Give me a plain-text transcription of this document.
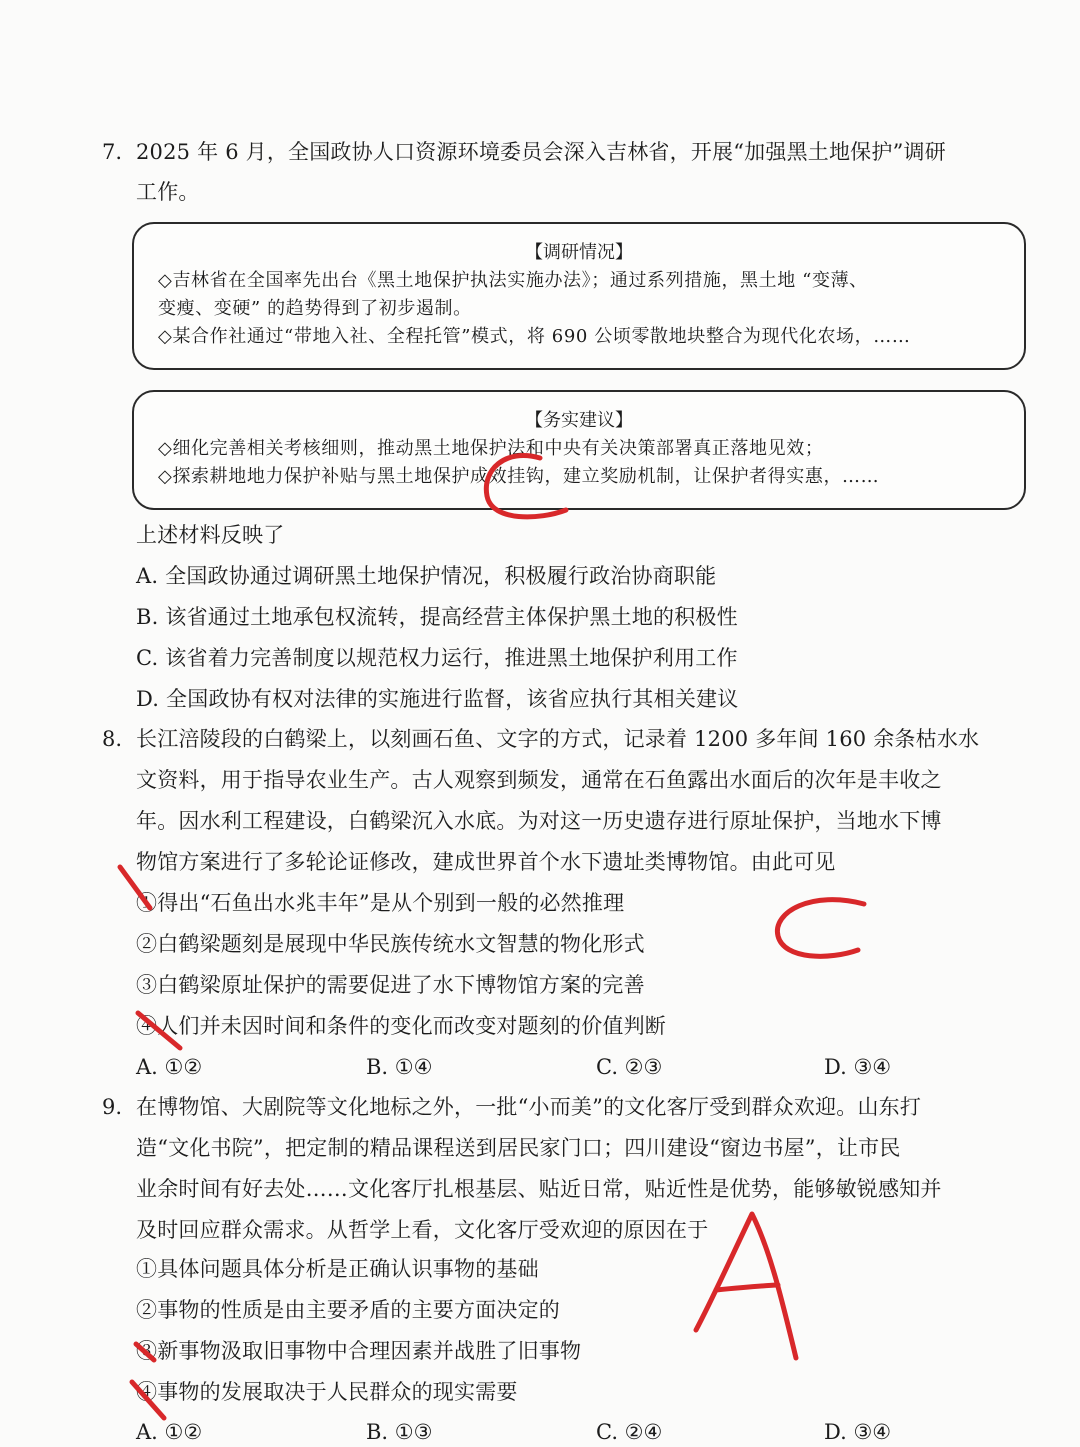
7. 2025 年 6 月，全国政协人口资源环境委员会深入吉林省，开展“加强黑土地保护”调研
工作。
【调研情况】
◇吉林省在全国率先出台《黑土地保护执法实施办法》；通过系列措施，黑土地 “变薄、
变瘦、变硬” 的趋势得到了初步遏制。
◇某合作社通过“带地入社、全程托管”模式，将 690 公顷零散地块整合为现代化农场，……
【务实建议】
◇细化完善相关考核细则，推动黑土地保护法和中央有关决策部署真正落地见效；
◇探索耕地地力保护补贴与黑土地保护成效挂钩，建立奖励机制，让保护者得实惠，……
上述材料反映了
A. 全国政协通过调研黑土地保护情况，积极履行政治协商职能
B. 该省通过土地承包权流转，提高经营主体保护黑土地的积极性
C. 该省着力完善制度以规范权力运行，推进黑土地保护利用工作
D. 全国政协有权对法律的实施进行监督，该省应执行其相关建议
8. 长江涪陵段的白鹤梁上，以刻画石鱼、文字的方式，记录着 1200 多年间 160 余条枯水水
文资料，用于指导农业生产。古人观察到频发，通常在石鱼露出水面后的次年是丰收之
年。因水利工程建设，白鹤梁沉入水底。为对这一历史遗存进行原址保护，当地水下博
物馆方案进行了多轮论证修改，建成世界首个水下遗址类博物馆。由此可见
①得出“石鱼出水兆丰年”是从个别到一般的必然推理
②白鹤梁题刻是展现中华民族传统水文智慧的物化形式
③白鹤梁原址保护的需要促进了水下博物馆方案的完善
④人们并未因时间和条件的变化而改变对题刻的价值判断
A. ①②	B. ①④	C. ②③	D. ③④
9. 在博物馆、大剧院等文化地标之外，一批“小而美”的文化客厅受到群众欢迎。山东打
造“文化书院”，把定制的精品课程送到居民家门口；四川建设“窗边书屋”，让市民
业余时间有好去处……文化客厅扎根基层、贴近日常，贴近性是优势，能够敏锐感知并
及时回应群众需求。从哲学上看，文化客厅受欢迎的原因在于
①具体问题具体分析是正确认识事物的基础
②事物的性质是由主要矛盾的主要方面决定的
③新事物汲取旧事物中合理因素并战胜了旧事物
④事物的发展取决于人民群众的现实需要
A. ①②	B. ①③	C. ②④	D. ③④
